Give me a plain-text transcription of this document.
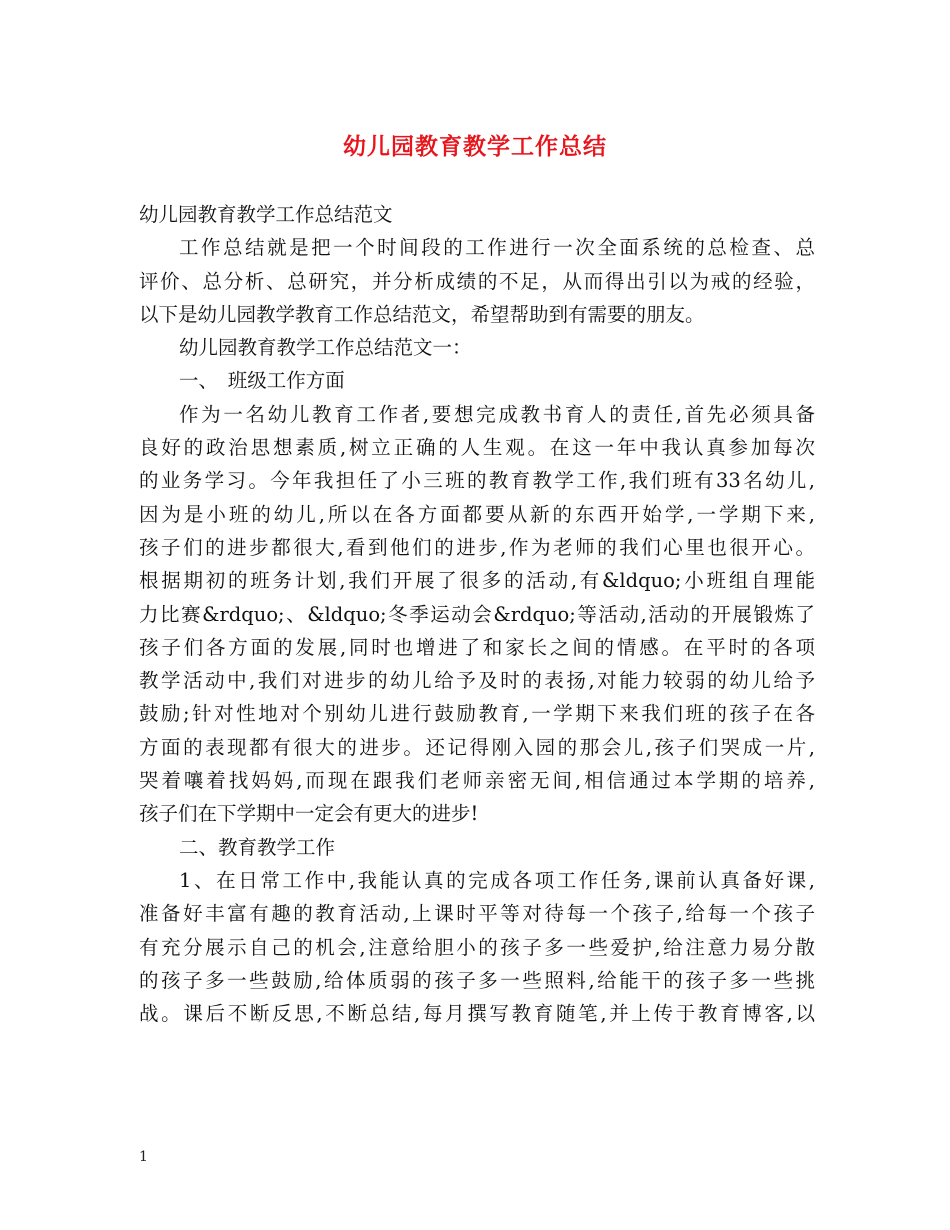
幼儿园教育教学工作总结
幼儿园教育教学工作总结范文
工作总结就是把一个时间段的工作进行一次全面系统的总检查、总
评价、总分析、总研究，并分析成绩的不足，从而得出引以为戒的经验，
以下是幼儿园教学教育工作总结范文，希望帮助到有需要的朋友。
幼儿园教育教学工作总结范文一：
一、　班级工作方面
作为一名幼儿教育工作者,要想完成教书育人的责任,首先必须具备
良好的政治思想素质,树立正确的人生观。在这一年中我认真参加每次
的业务学习。今年我担任了小三班的教育教学工作,我们班有33名幼儿,
因为是小班的幼儿,所以在各方面都要从新的东西开始学,一学期下来,
孩子们的进步都很大,看到他们的进步,作为老师的我们心里也很开心。
根据期初的班务计划,我们开展了很多的活动,有&ldquo;小班组自理能
力比赛&rdquo;、&ldquo;冬季运动会&rdquo;等活动,活动的开展锻炼了
孩子们各方面的发展,同时也增进了和家长之间的情感。在平时的各项
教学活动中,我们对进步的幼儿给予及时的表扬,对能力较弱的幼儿给予
鼓励;针对性地对个别幼儿进行鼓励教育,一学期下来我们班的孩子在各
方面的表现都有很大的进步。还记得刚入园的那会儿,孩子们哭成一片,
哭着嚷着找妈妈,而现在跟我们老师亲密无间,相信通过本学期的培养,
孩子们在下学期中一定会有更大的进步!
二、教育教学工作
1、在日常工作中,我能认真的完成各项工作任务,课前认真备好课,
准备好丰富有趣的教育活动,上课时平等对待每一个孩子,给每一个孩子
有充分展示自己的机会,注意给胆小的孩子多一些爱护,给注意力易分散
的孩子多一些鼓励,给体质弱的孩子多一些照料,给能干的孩子多一些挑
战。课后不断反思,不断总结,每月撰写教育随笔,并上传于教育博客,以
1
